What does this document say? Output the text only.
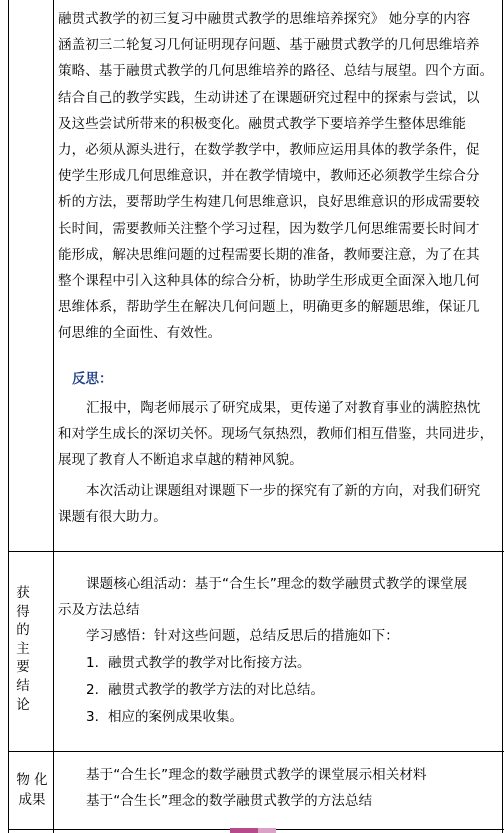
融贯式教学的初三复习中融贯式教学的思维培养探究》 她分享的内容

涵盖初三二轮复习几何证明现存问题、基于融贯式教学的几何思维培养

策略、基于融贯式教学的几何思维培养的路径、总结与展望。四个方面。

结合自己的教学实践，生动讲述了在课题研究过程中的探索与尝试，以

及这些尝试所带来的积极变化。融贯式教学下要培养学生整体思维能

力，必须从源头进行，在数学教学中，教师应运用具体的教学条件，促

使学生形成几何思维意识，并在教学情境中，教师还必须教学生综合分

析的方法，要帮助学生构建几何思维意识，良好思维意识的形成需要较

长时间，需要教师关注整个学习过程，因为数学几何思维需要长时间才

能形成，解决思维问题的过程需要长期的准备，教师要注意，为了在其

整个课程中引入这种具体的综合分析，协助学生形成更全面深入地几何

思维体系，帮助学生在解决几何问题上，明确更多的解题思维，保证几

何思维的全面性、有效性。

反思：

汇报中，陶老师展示了研究成果，更传递了对教育事业的满腔热忱

和对学生成长的深切关怀。现场气氛热烈，教师们相互借鉴，共同进步，

展现了教育人不断追求卓越的精神风貌。

本次活动让课题组对课题下一步的探究有了新的方向，对我们研究

课题有很大助力。

获
得
的
主
要
结
论

课题核心组活动：基于“合生长”理念的数学融贯式教学的课堂展

示及方法总结

学习感悟：针对这些问题，总结反思后的措施如下：

1. 融贯式教学的教学对比衔接方法。
2. 融贯式教学的教学方法的对比总结。
3. 相应的案例成果收集。
物 化
成果

基于“合生长”理念的数学融贯式教学的课堂展示相关材料

基于“合生长”理念的数学融贯式教学的方法总结
